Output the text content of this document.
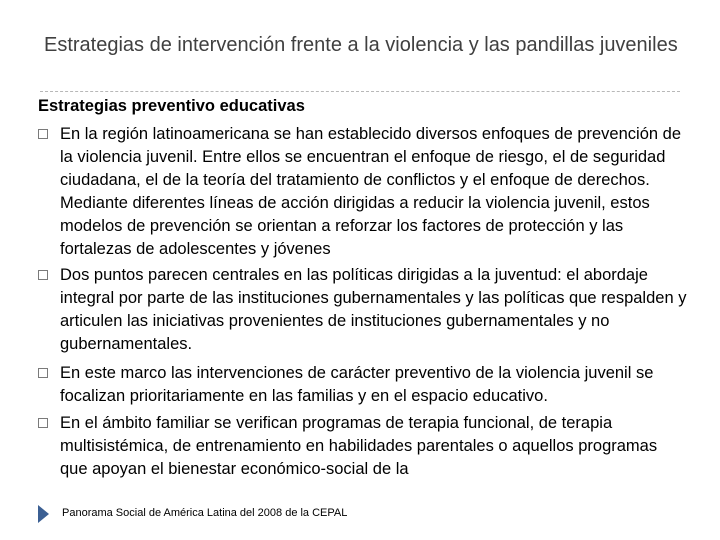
Estrategias de intervención frente a la violencia y las pandillas juveniles
Estrategias preventivo educativas
En la región latinoamericana se han establecido diversos enfoques de prevención de la violencia juvenil. Entre ellos se encuentran el enfoque de riesgo, el de seguridad ciudadana, el de la teoría del tratamiento de conflictos y el enfoque de derechos. Mediante diferentes líneas de acción dirigidas a reducir la violencia juvenil, estos modelos de prevención se orientan a reforzar los factores de protección y las fortalezas de adolescentes y jóvenes
Dos puntos parecen centrales en las políticas dirigidas a la juventud: el abordaje integral por parte de las instituciones gubernamentales y las políticas que respalden y articulen las iniciativas provenientes de instituciones gubernamentales y no gubernamentales.
En este marco las intervenciones de carácter preventivo de la violencia juvenil se focalizan prioritariamente en las familias y en el espacio educativo.
En el ámbito familiar se verifican programas de terapia funcional, de terapia multisistémica, de entrenamiento en habilidades parentales o aquellos programas que apoyan el bienestar económico-social de la
Panorama Social de América Latina del 2008 de la CEPAL
